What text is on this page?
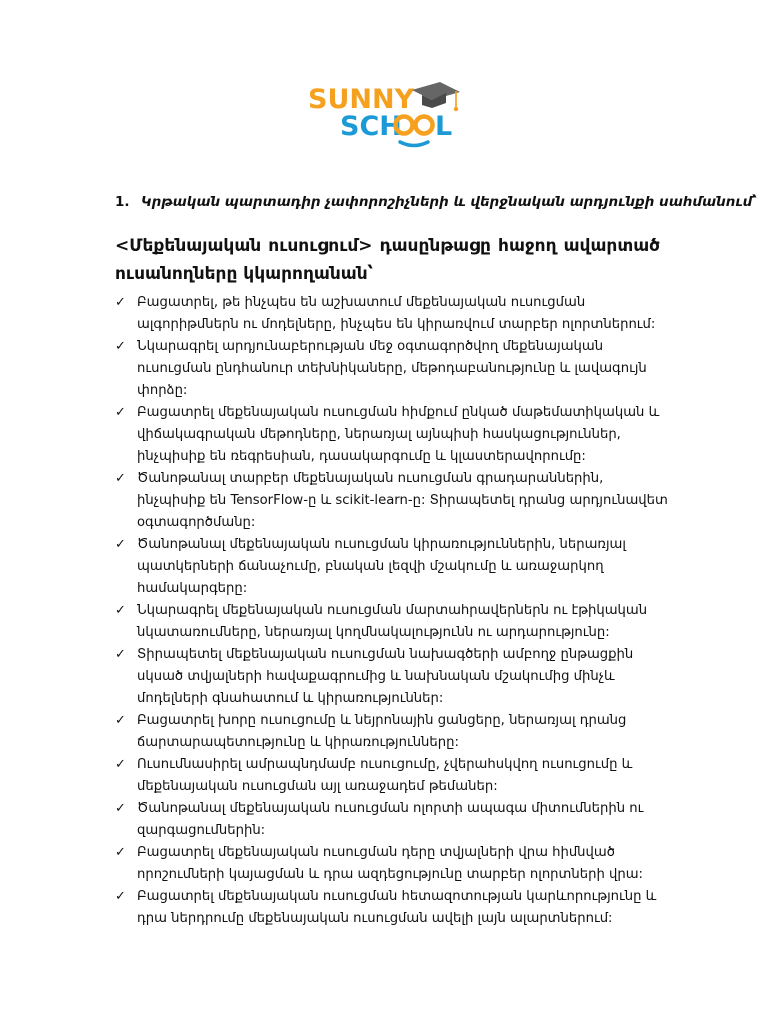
SUNNY
SCH L
1. Կրթական պարտադիր չափորոշիչների և վերջնական արդյունքի սահմանում՝
<Մեքենայական ուսուցում> դասընթացը հաջող ավարտած
ուսանողները կկարողանան՝
✓ Բացատրել, թե ինչպես են աշխատում մեքենայական ուսուցման ալգորիթմներն ու մոդելները, ինչպես են կիրառվում տարբեր ոլորտներում:
✓ Նկարագրել արդյունաբերության մեջ օգտագործվող մեքենայական ուսուցման ընդհանուր տեխնիկաները, մեթոդաբանությունը և լավագույն փորձը:
✓ Բացատրել մեքենայական ուսուցման հիմքում ընկած մաթեմատիկական և վիճակագրական մեթոդները, ներառյալ այնպիսի հասկացություններ, ինչպիսիք են ռեգրեսիան, դասակարգումը և կլաստերավորումը:
✓ Ծանոթանալ տարբեր մեքենայական ուսուցման գրադարաններին, ինչպիսիք են TensorFlow-ը և scikit-learn-ը: Տիրապետել դրանց արդյունավետ օգտագործմանը:
✓ Ծանոթանալ մեքենայական ուսուցման կիրառություններին, ներառյալ պատկերների ճանաչումը, բնական լեզվի մշակումը և առաջարկող համակարգերը:
✓ Նկարագրել մեքենայական ուսուցման մարտահրավերներն ու էթիկական նկատառումները, ներառյալ կողմնակալությունն ու արդարությունը:
✓ Տիրապետել մեքենայական ուսուցման նախագծերի ամբողջ ընթացքին սկսած տվյալների հավաքագրումից և նախնական մշակումից մինչև մոդելների գնահատում և կիրառություններ:
✓ Բացատրել խորը ուսուցումը և նեյրոնային ցանցերը, ներառյալ դրանց ճարտարապետությունը և կիրառությունները:
✓ Ուսումնասիրել ամրապնդմամբ ուսուցումը, չվերահսկվող ուսուցումը և մեքենայական ուսուցման այլ առաջադեմ թեմաներ:
✓ Ծանոթանալ մեքենայական ուսուցման ոլորտի ապագա միտումներին ու զարգացումներին:
✓ Բացատրել մեքենայական ուսուցման դերը տվյալների վրա հիմնված որոշումների կայացման և դրա ազդեցությունը տարբեր ոլորտների վրա:
✓ Բացատրել մեքենայական ուսուցման հետազոտության կարևորությունը և դրա ներդրումը մեքենայական ուսուցման ավելի լայն ալարտներում:
